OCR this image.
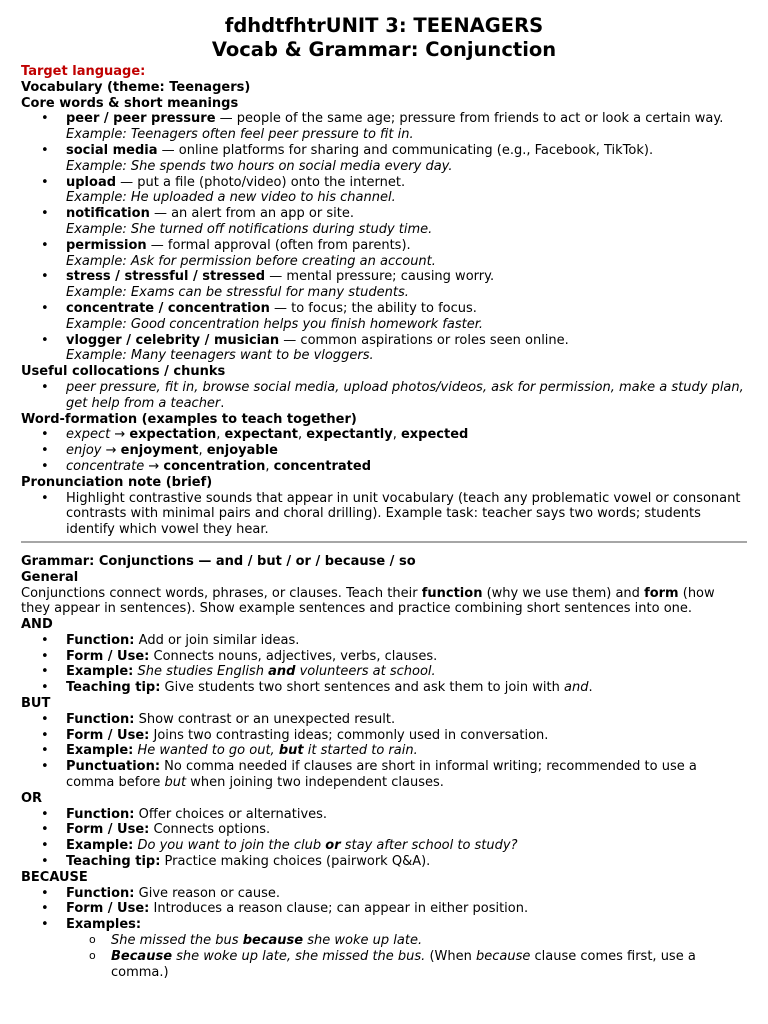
fdhdtfhtrUNIT 3: TEENAGERS
Vocab & Grammar: Conjunction
Target language:
Vocabulary (theme: Teenagers)
Core words & short meanings
• peer / peer pressure — people of the same age; pressure from friends to act or look a certain way.
Example: Teenagers often feel peer pressure to fit in.
• social media — online platforms for sharing and communicating (e.g., Facebook, TikTok).
Example: She spends two hours on social media every day.
• upload — put a file (photo/video) onto the internet.
Example: He uploaded a new video to his channel.
• notification — an alert from an app or site.
Example: She turned off notifications during study time.
• permission — formal approval (often from parents).
Example: Ask for permission before creating an account.
• stress / stressful / stressed — mental pressure; causing worry.
Example: Exams can be stressful for many students.
• concentrate / concentration — to focus; the ability to focus.
Example: Good concentration helps you finish homework faster.
• vlogger / celebrity / musician — common aspirations or roles seen online.
Example: Many teenagers want to be vloggers.
Useful collocations / chunks
• peer pressure, fit in, browse social media, upload photos/videos, ask for permission, make a study plan, get help from a teacher.
Word-formation (examples to teach together)
• expect → expectation, expectant, expectantly, expected
• enjoy → enjoyment, enjoyable
• concentrate → concentration, concentrated
Pronunciation note (brief)
• Highlight contrastive sounds that appear in unit vocabulary (teach any problematic vowel or consonant contrasts with minimal pairs and choral drilling). Example task: teacher says two words; students identify which vowel they hear.
Grammar: Conjunctions — and / but / or / because / so
General
Conjunctions connect words, phrases, or clauses. Teach their function (why we use them) and form (how they appear in sentences). Show example sentences and practice combining short sentences into one.
AND
• Function: Add or join similar ideas.
• Form / Use: Connects nouns, adjectives, verbs, clauses.
• Example: She studies English and volunteers at school.
• Teaching tip: Give students two short sentences and ask them to join with and.
BUT
• Function: Show contrast or an unexpected result.
• Form / Use: Joins two contrasting ideas; commonly used in conversation.
• Example: He wanted to go out, but it started to rain.
• Punctuation: No comma needed if clauses are short in informal writing; recommended to use a comma before but when joining two independent clauses.
OR
• Function: Offer choices or alternatives.
• Form / Use: Connects options.
• Example: Do you want to join the club or stay after school to study?
• Teaching tip: Practice making choices (pairwork Q&A).
BECAUSE
• Function: Give reason or cause.
• Form / Use: Introduces a reason clause; can appear in either position.
• Examples:
o She missed the bus because she woke up late.
o Because she woke up late, she missed the bus. (When because clause comes first, use a comma.)
